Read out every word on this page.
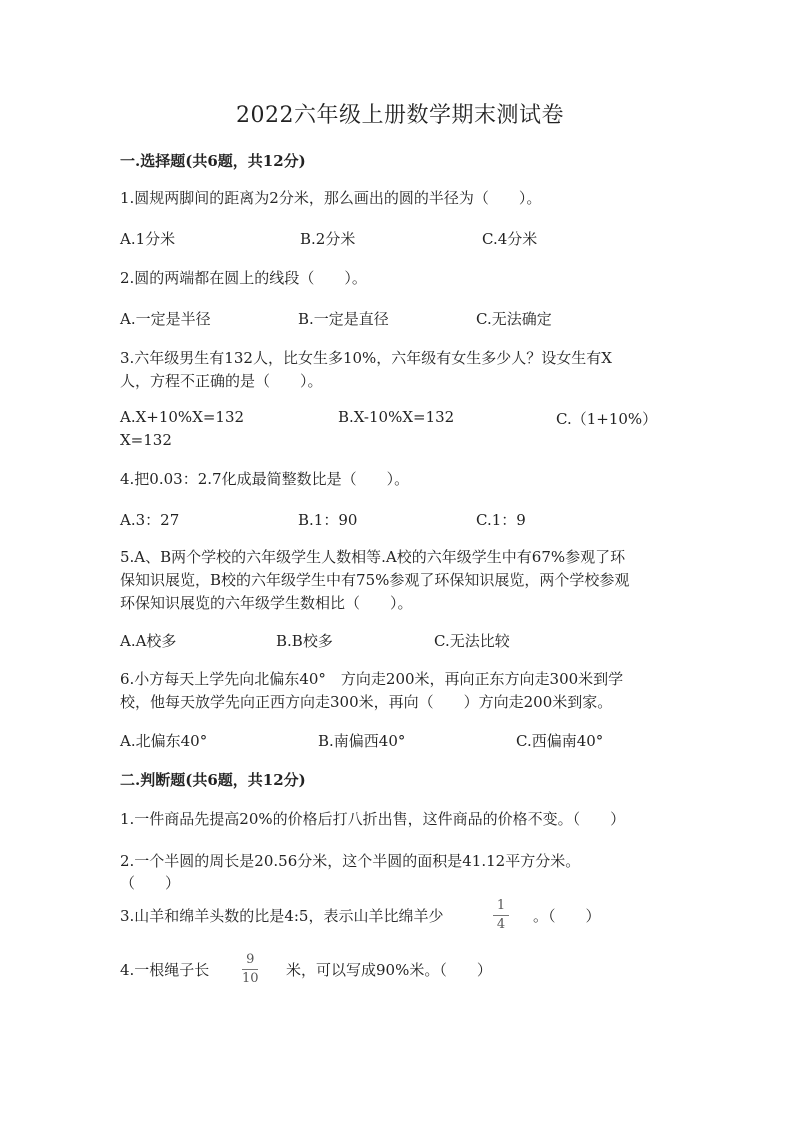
2022六年级上册数学期末测试卷
一.选择题(共6题，共12分)
1.圆规两脚间的距离为2分米，那么画出的圆的半径为（　　）。
A.1分米	B.2分米	C.4分米
2.圆的两端都在圆上的线段（　　）。
A.一定是半径	B.一定是直径	C.无法确定
3.六年级男生有132人，比女生多10%，六年级有女生多少人？设女生有X
人，方程不正确的是（　　）。
A.X+10%X=132	B.X-10%X=132	C.（1+10%）
X=132
4.把0.03：2.7化成最简整数比是（　　）。
A.3：27	B.1：90	C.1：9
5.A、B两个学校的六年级学生人数相等.A校的六年级学生中有67%参观了环
保知识展览，B校的六年级学生中有75%参观了环保知识展览，两个学校参观
环保知识展览的六年级学生数相比（　　）。
A.A校多	B.B校多	C.无法比较
6.小方每天上学先向北偏东40°　方向走200米，再向正东方向走300米到学
校，他每天放学先向正西方向走300米，再向（　　）方向走200米到家。
A.北偏东40°	B.南偏西40°	C.西偏南40°
二.判断题(共6题，共12分)
1.一件商品先提高20%的价格后打八折出售，这件商品的价格不变。（　　）
2.一个半圆的周长是20.56分米，这个半圆的面积是41.12平方分米。
（　　）
3.山羊和绵羊头数的比是4:5，表示山羊比绵羊少
1
4 。（　　）
4.一根绳子长
9
10 米，可以写成90%米。（　　）
